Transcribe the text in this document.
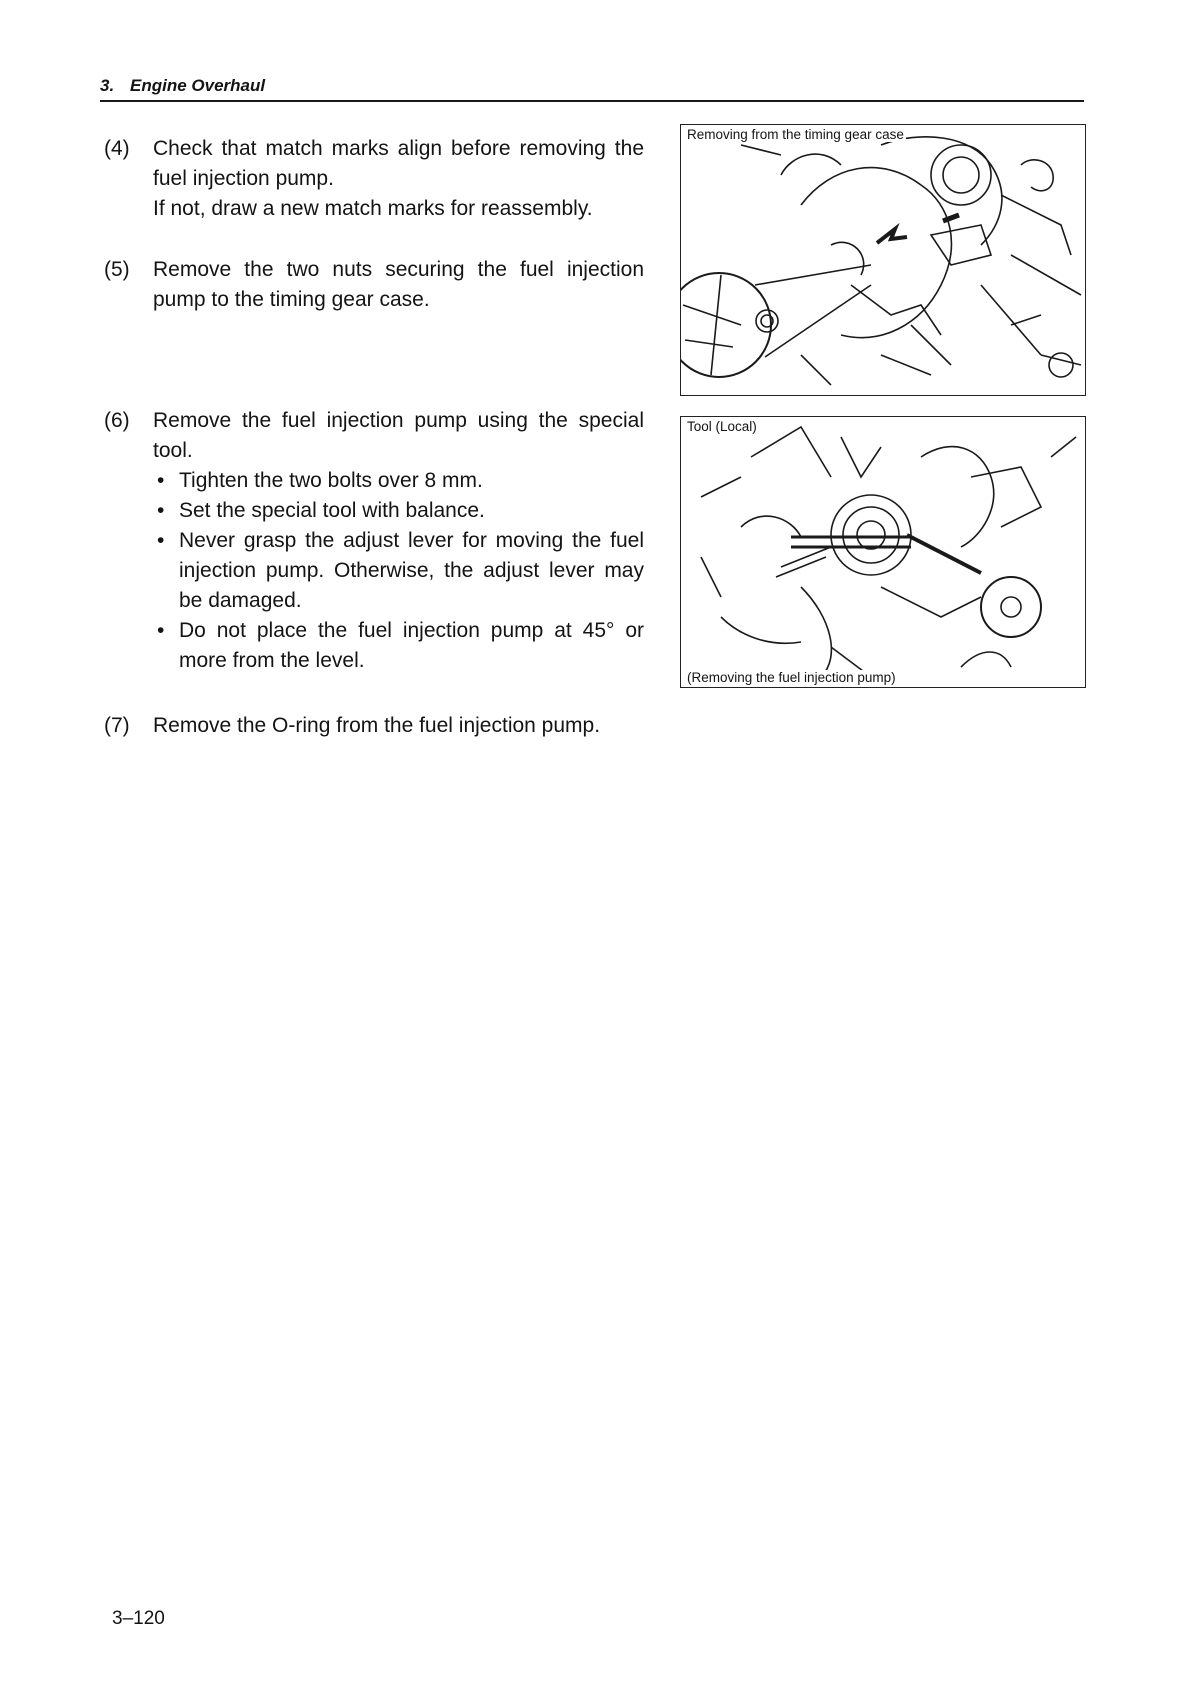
3. Engine Overhaul
(4) Check that match marks align before removing the fuel injection pump.
If not, draw a new match marks for reassembly.
(5) Remove the two nuts securing the fuel injection pump to the timing gear case.
(6) Remove the fuel injection pump using the special tool.
• Tighten the two bolts over 8 mm.
• Set the special tool with balance.
• Never grasp the adjust lever for moving the fuel injection pump. Otherwise, the adjust lever may be damaged.
• Do not place the fuel injection pump at 45° or more from the level.
(7) Remove the O-ring from the fuel injection pump.
Removing from the timing gear case
Tool (Local)
(Removing the fuel injection pump)
3–120
